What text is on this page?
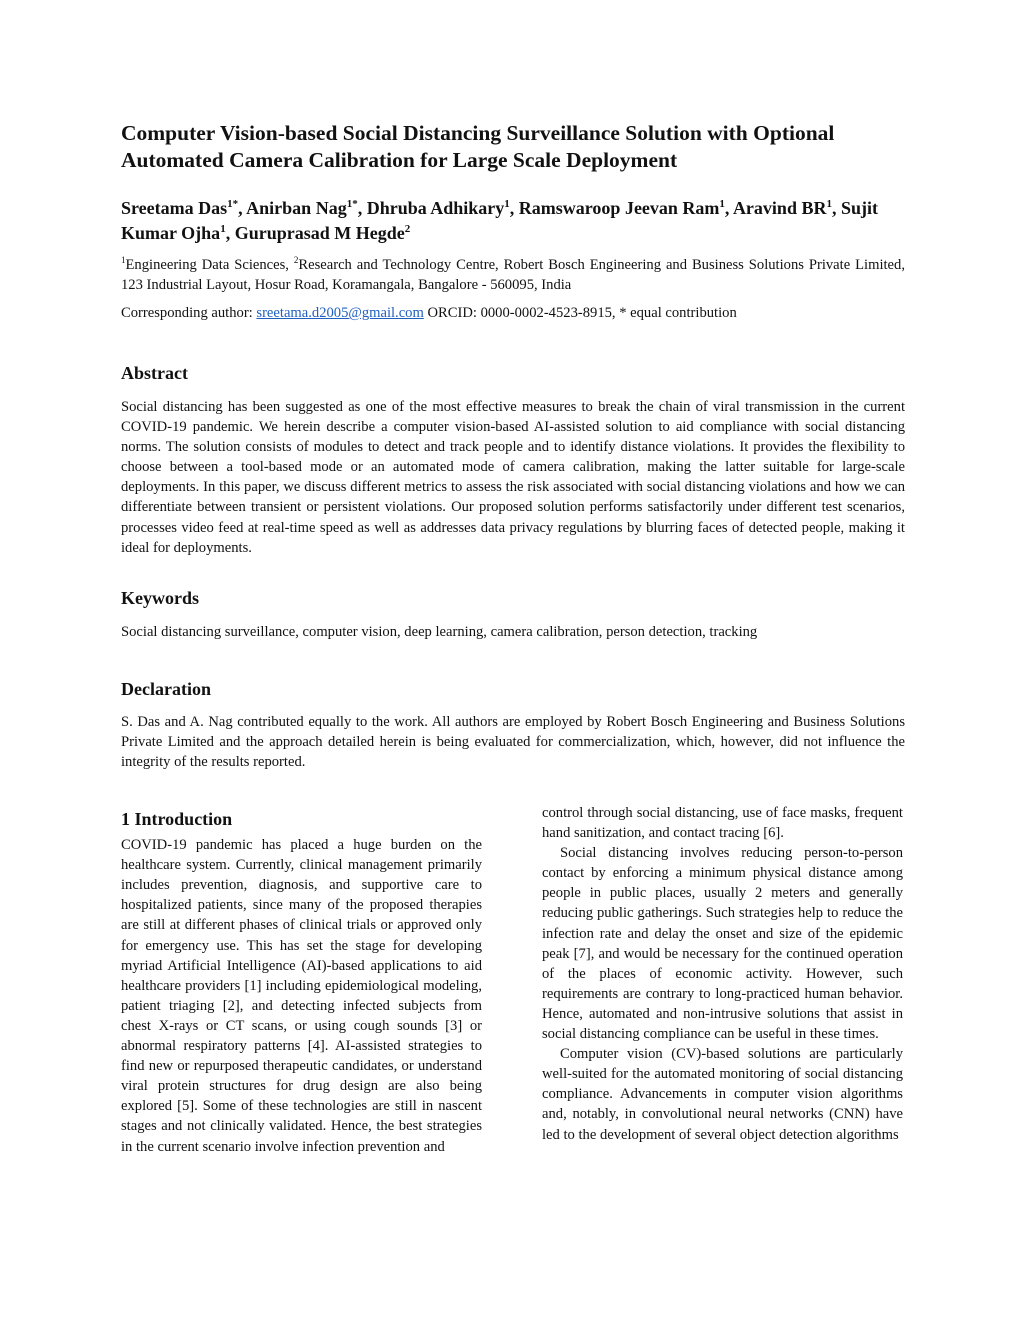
Computer Vision-based Social Distancing Surveillance Solution with Optional Automated Camera Calibration for Large Scale Deployment

Sreetama Das$^{1*}$, Anirban Nag$^{1*}$, Dhruba Adhikary$^1$, Ramswaroop Jeevan Ram$^1$, Aravind $BR^1$, Sujit Kumar Ojha$^1$, Guruprasad M Hegde$^2$

$^1$Engineering Data Sciences, $^2$Research and Technology Centre, Robert Bosch Engineering and Business Solutions Private Limited, 123 Industrial Layout, Hosur Road, Koramangala, Bangalore - 560095, India

Corresponding author: sreetama.d2005@gmail.com ORCID: 0000-0002-4523-8915, * equal contribution

Abstract

Social distancing has been suggested as one of the most effective measures to break the chain of viral transmission in the current COVID-19 pandemic. We herein describe a computer vision-based AI-assisted solution to aid compliance with social distancing norms. The solution consists of modules to detect and track people and to identify distance violations. It provides the flexibility to choose between a tool-based mode or an automated mode of camera calibration, making the latter suitable for large-scale deployments. In this paper, we discuss different metrics to assess the risk associated with social distancing violations and how we can differentiate between transient or persistent violations. Our proposed solution performs satisfactorily under different test scenarios, processes video feed at real-time speed as well as addresses data privacy regulations by blurring faces of detected people, making it ideal for deployments.

Keywords

Social distancing surveillance, computer vision, deep learning, camera calibration, person detection, tracking

Declaration

S. Das and A. Nag contributed equally to the work. All authors are employed by Robert Bosch Engineering and Business Solutions Private Limited and the approach detailed herein is being evaluated for commercialization, which, however, did not influence the integrity of the results reported.

1 Introduction

COVID-19 pandemic has placed a huge burden on the healthcare system. Currently, clinical management primarily includes prevention, diagnosis, and supportive care to hospitalized patients, since many of the proposed therapies are still at different phases of clinical trials or approved only for emergency use. This has set the stage for developing myriad Artificial Intelligence (AI)-based applications to aid healthcare providers [1] including epidemiological modeling, patient triaging [2], and detecting infected subjects from chest X-rays or CT scans, or using cough sounds [3] or abnormal respiratory patterns [4]. AI-assisted strategies to find new or repurposed therapeutic candidates, or understand viral protein structures for drug design are also being explored [5]. Some of these technologies are still in nascent stages and not clinically validated. Hence, the best strategies in the current scenario involve infection prevention and

control through social distancing, use of face masks, frequent hand sanitization, and contact tracing [6].

Social distancing involves reducing person-to-person contact by enforcing a minimum physical distance among people in public places, usually 2 meters and generally reducing public gatherings. Such strategies help to reduce the infection rate and delay the onset and size of the epidemic peak [7], and would be necessary for the continued operation of the places of economic activity. However, such requirements are contrary to long-practiced human behavior. Hence, automated and non-intrusive solutions that assist in social distancing compliance can be useful in these times.

Computer vision (CV)-based solutions are particularly well-suited for the automated monitoring of social distancing compliance. Advancements in computer vision algorithms and, notably, in convolutional neural networks (CNN) have led to the development of several object detection algorithms
